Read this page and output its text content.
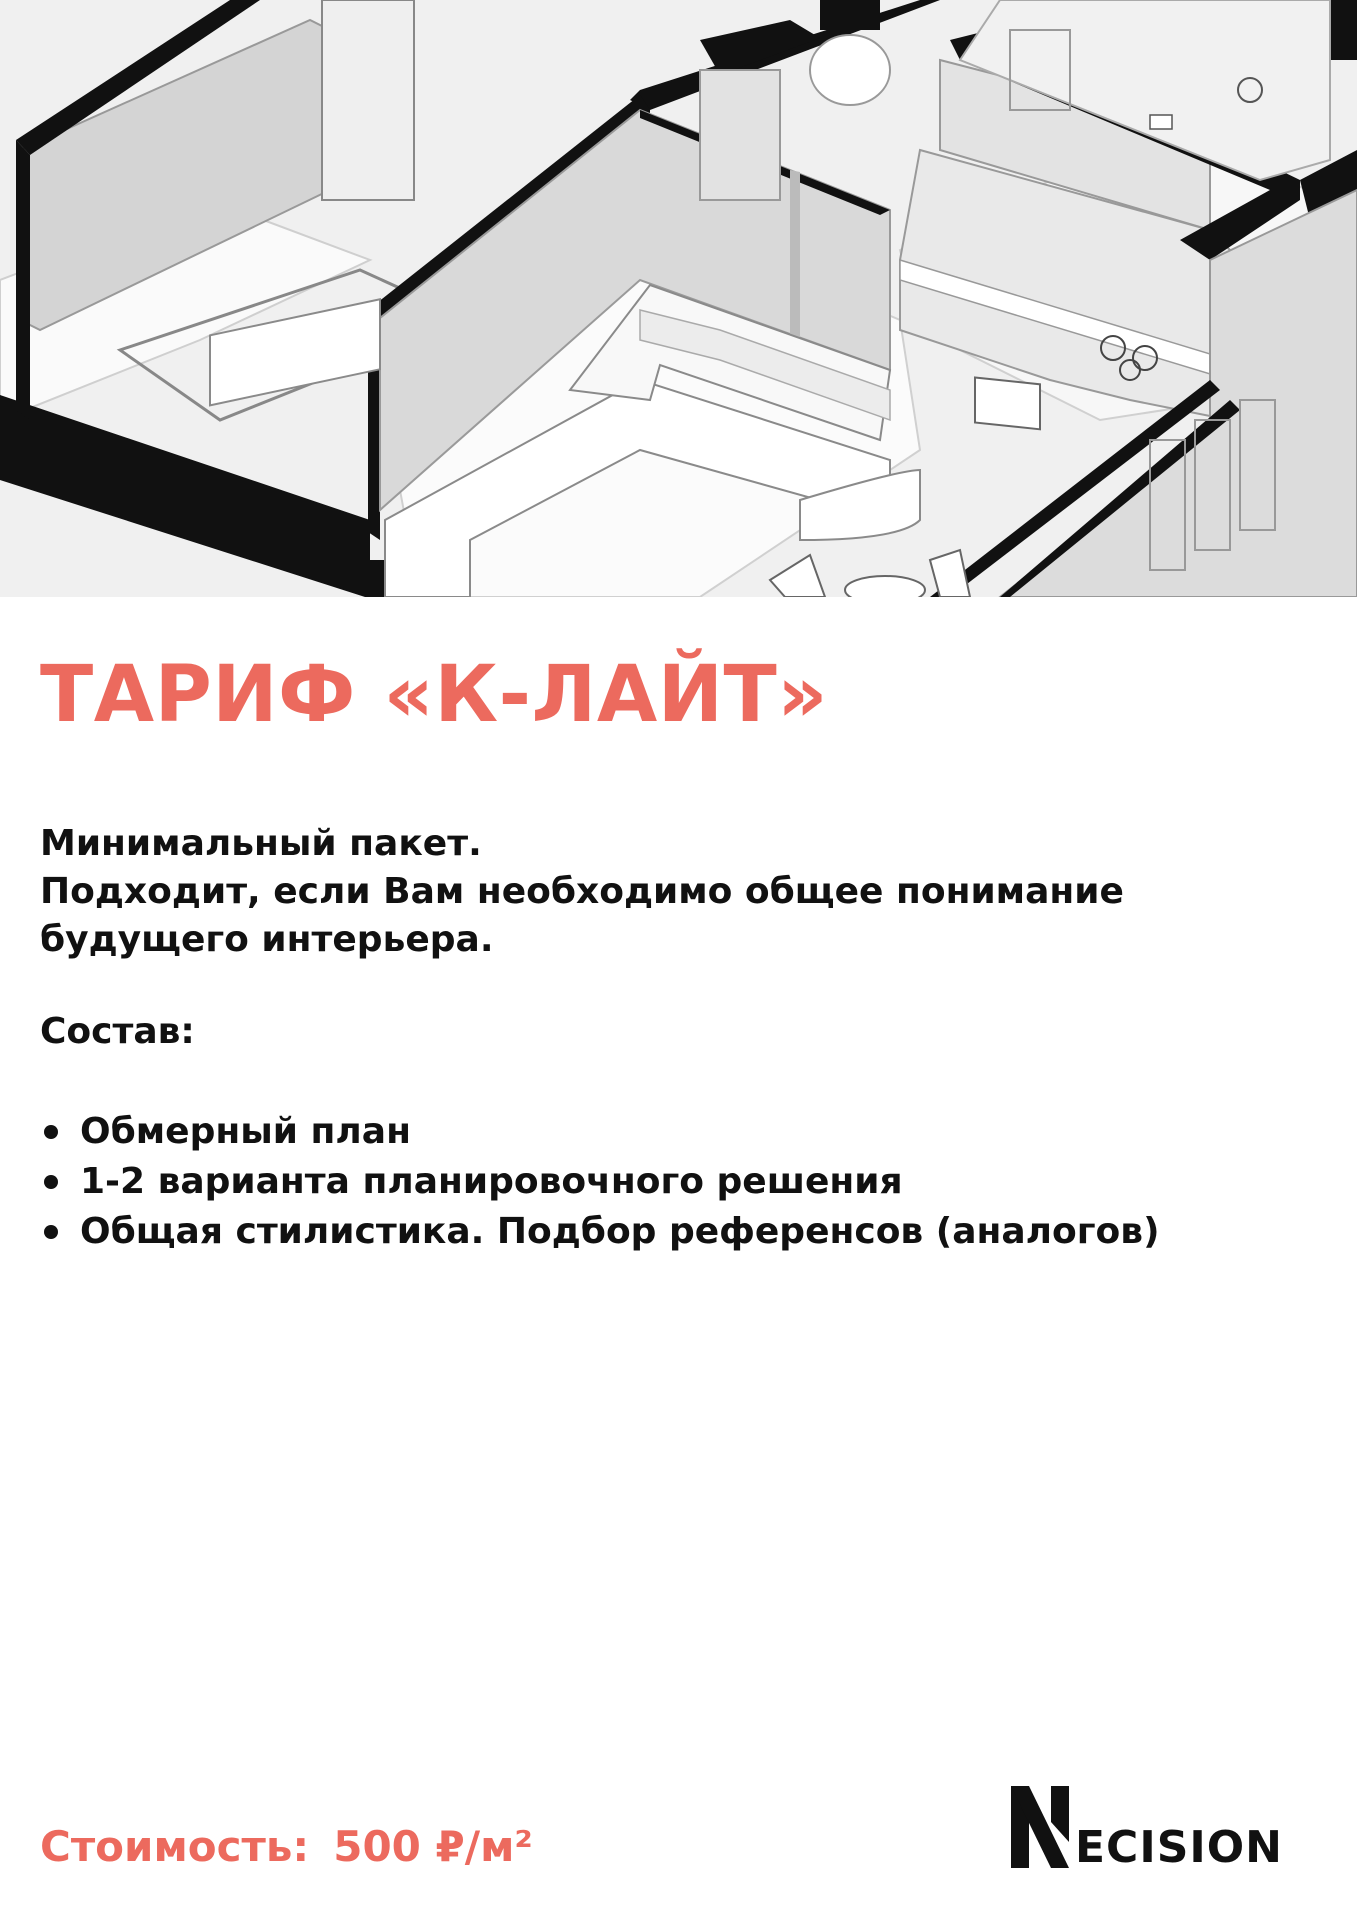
ТАРИФ «К-ЛАЙТ»

Минимальный пакет.

Подходит, если Вам необходимо общее понимание

будущего интерьера.

Состав:
Обмерный план
1-2 варианта планировочного решения
Общая стилистика. Подбор референсов (аналогов)
Стоимость: 500 ₽/м²	ECISION
